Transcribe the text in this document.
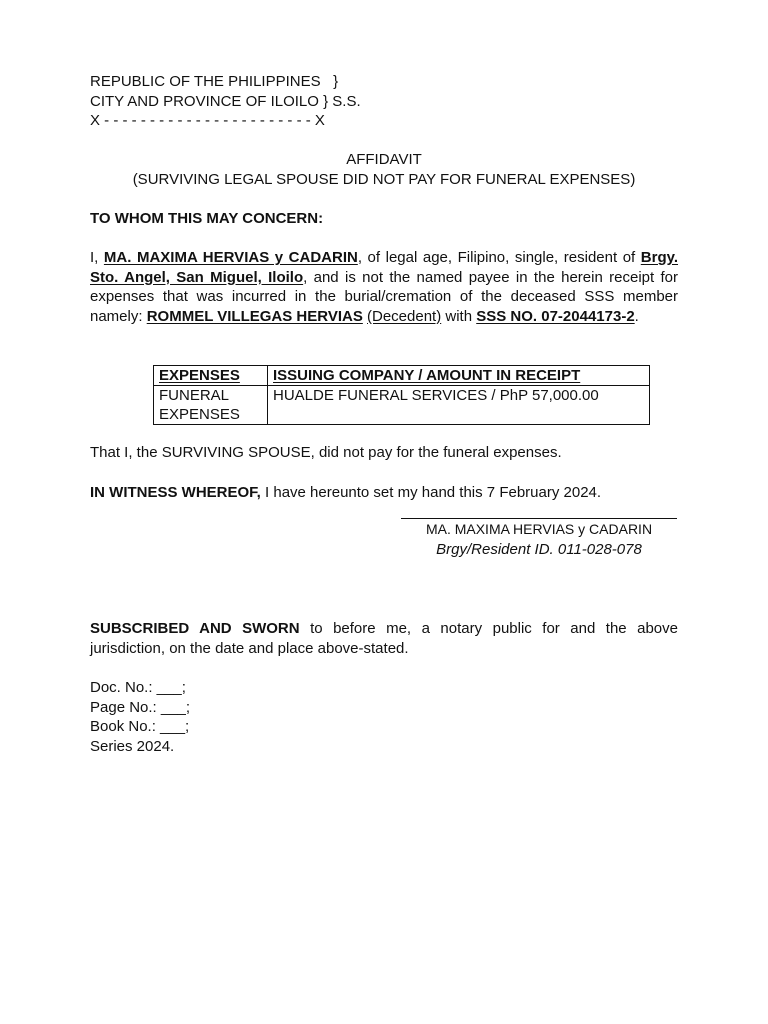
REPUBLIC OF THE PHILIPPINES   }
CITY AND PROVINCE OF ILOILO } S.S.
X - - - - - - - - - - - - - - - - - - - - - - - X
AFFIDAVIT
(SURVIVING LEGAL SPOUSE DID NOT PAY FOR FUNERAL EXPENSES)
TO WHOM THIS MAY CONCERN:
I, MA. MAXIMA HERVIAS y CADARIN, of legal age, Filipino, single, resident of Brgy. Sto. Angel, San Miguel, Iloilo, and is not the named payee in the herein receipt for expenses that was incurred in the burial/cremation of the deceased SSS member namely: ROMMEL VILLEGAS HERVIAS (Decedent) with SSS NO. 07-2044173-2.
EXPENSES	ISSUING COMPANY / AMOUNT IN RECEIPT
FUNERAL EXPENSES	HUALDE FUNERAL SERVICES / PhP 57,000.00
That I, the SURVIVING SPOUSE, did not pay for the funeral expenses.
IN WITNESS WHEREOF, I have hereunto set my hand this 7 February 2024.
MA. MAXIMA HERVIAS y CADARIN
Brgy/Resident ID. 011-028-078
SUBSCRIBED AND SWORN to before me, a notary public for and the above jurisdiction, on the date and place above-stated.
Doc. No.: ___;
Page No.: ___;
Book No.: ___;
Series 2024.
